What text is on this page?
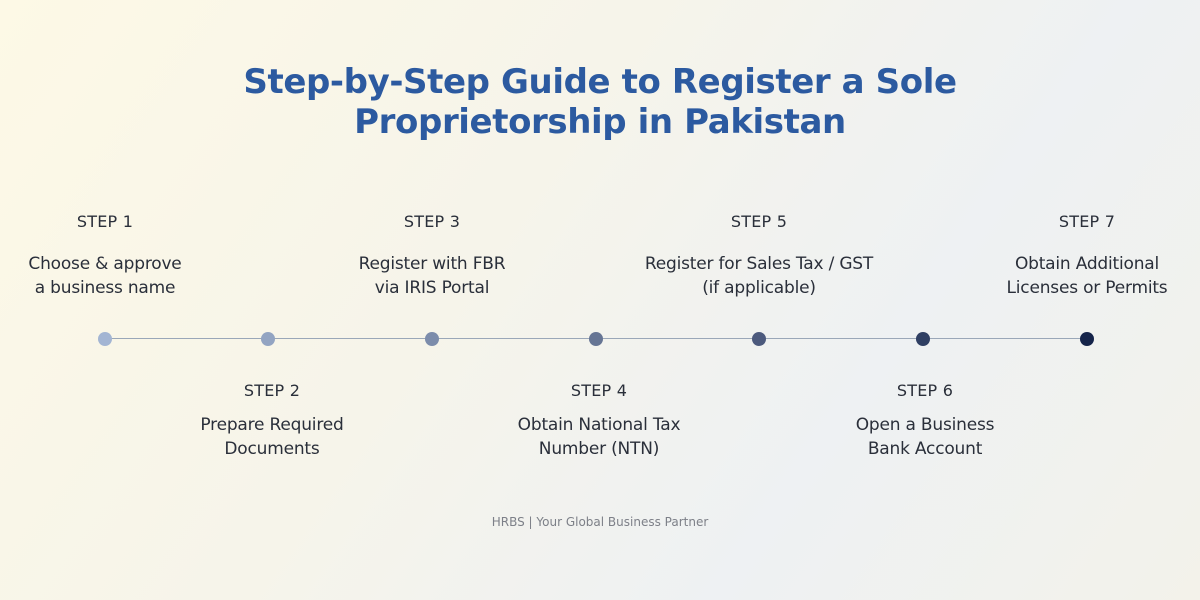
Step-by-Step Guide to Register a Sole
Proprietorship in Pakistan
STEP 1
Choose & approve
a business name
STEP 3
Register with FBR
via IRIS Portal
STEP 5
Register for Sales Tax / GST
(if applicable)
STEP 7
Obtain Additional
Licenses or Permits
STEP 2
Prepare Required
Documents
STEP 4
Obtain National Tax
Number (NTN)
STEP 6
Open a Business
Bank Account
HRBS | Your Global Business Partner
